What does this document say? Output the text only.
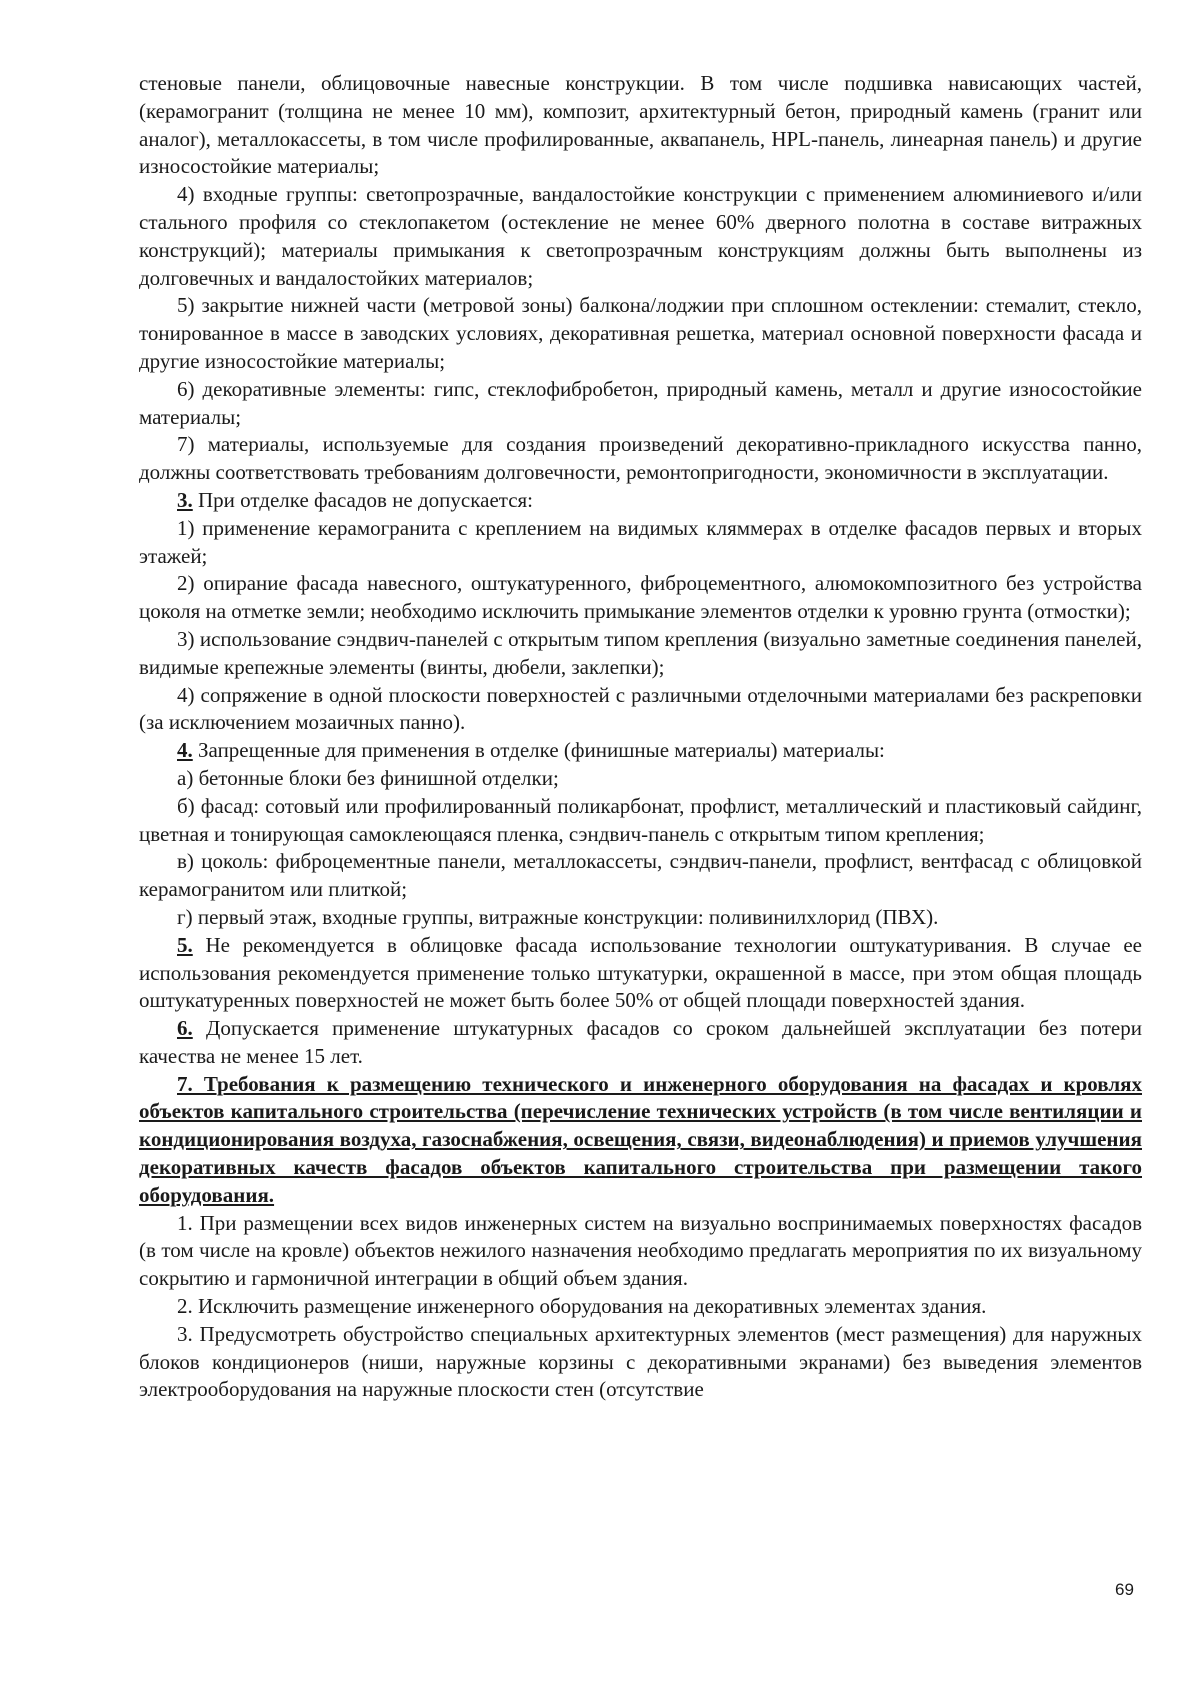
стеновые панели, облицовочные навесные конструкции. В том числе подшивка нависающих частей, (керамогранит (толщина не менее 10 мм), композит, архитектурный бетон, природный камень (гранит или аналог), металлокассеты, в том числе профилированные, аквапанель, HPL-панель, линеарная панель) и другие износостойкие материалы;

4) входные группы: светопрозрачные, вандалостойкие конструкции с применением алюминиевого и/или стального профиля со стеклопакетом (остекление не менее 60% дверного полотна в составе витражных конструкций); материалы примыкания к светопрозрачным конструкциям должны быть выполнены из долговечных и вандалостойких материалов;

5) закрытие нижней части (метровой зоны) балкона/лоджии при сплошном остеклении: стемалит, стекло, тонированное в массе в заводских условиях, декоративная решетка, материал основной поверхности фасада и другие износостойкие материалы;

6) декоративные элементы: гипс, стеклофибробетон, природный камень, металл и другие износостойкие материалы;

7) материалы, используемые для создания произведений декоративно-прикладного искусства панно, должны соответствовать требованиям долговечности, ремонтопригодности, экономичности в эксплуатации.

3. При отделке фасадов не допускается:

1) применение керамогранита с креплением на видимых кляммерах в отделке фасадов первых и вторых этажей;

2) опирание фасада навесного, оштукатуренного, фиброцементного, алюмокомпозитного без устройства цоколя на отметке земли; необходимо исключить примыкание элементов отделки к уровню грунта (отмостки);

3) использование сэндвич-панелей с открытым типом крепления (визуально заметные соединения панелей, видимые крепежные элементы (винты, дюбели, заклепки);

4) сопряжение в одной плоскости поверхностей с различными отделочными материалами без раскреповки (за исключением мозаичных панно).

4. Запрещенные для применения в отделке (финишные материалы) материалы:

а) бетонные блоки без финишной отделки;

б) фасад: сотовый или профилированный поликарбонат, профлист, металлический и пластиковый сайдинг, цветная и тонирующая самоклеющаяся пленка, сэндвич-панель с открытым типом крепления;

в) цоколь: фиброцементные панели, металлокассеты, сэндвич-панели, профлист, вентфасад с облицовкой керамогранитом или плиткой;

г) первый этаж, входные группы, витражные конструкции: поливинилхлорид (ПВХ).

5. Не рекомендуется в облицовке фасада использование технологии оштукатуривания. В случае ее использования рекомендуется применение только штукатурки, окрашенной в массе, при этом общая площадь оштукатуренных поверхностей не может быть более 50% от общей площади поверхностей здания.

6. Допускается применение штукатурных фасадов со сроком дальнейшей эксплуатации без потери качества не менее 15 лет.

7. Требования к размещению технического и инженерного оборудования на фасадах и кровлях объектов капитального строительства (перечисление технических устройств (в том числе вентиляции и кондиционирования воздуха, газоснабжения, освещения, связи, видеонаблюдения) и приемов улучшения декоративных качеств фасадов объектов капитального строительства при размещении такого оборудования.

1. При размещении всех видов инженерных систем на визуально воспринимаемых поверхностях фасадов (в том числе на кровле) объектов нежилого назначения необходимо предлагать мероприятия по их визуальному сокрытию и гармоничной интеграции в общий объем здания.

2. Исключить размещение инженерного оборудования на декоративных элементах здания.

3. Предусмотреть обустройство специальных архитектурных элементов (мест размещения) для наружных блоков кондиционеров (ниши, наружные корзины с декоративными экранами) без выведения элементов электрооборудования на наружные плоскости стен (отсутствие

69
